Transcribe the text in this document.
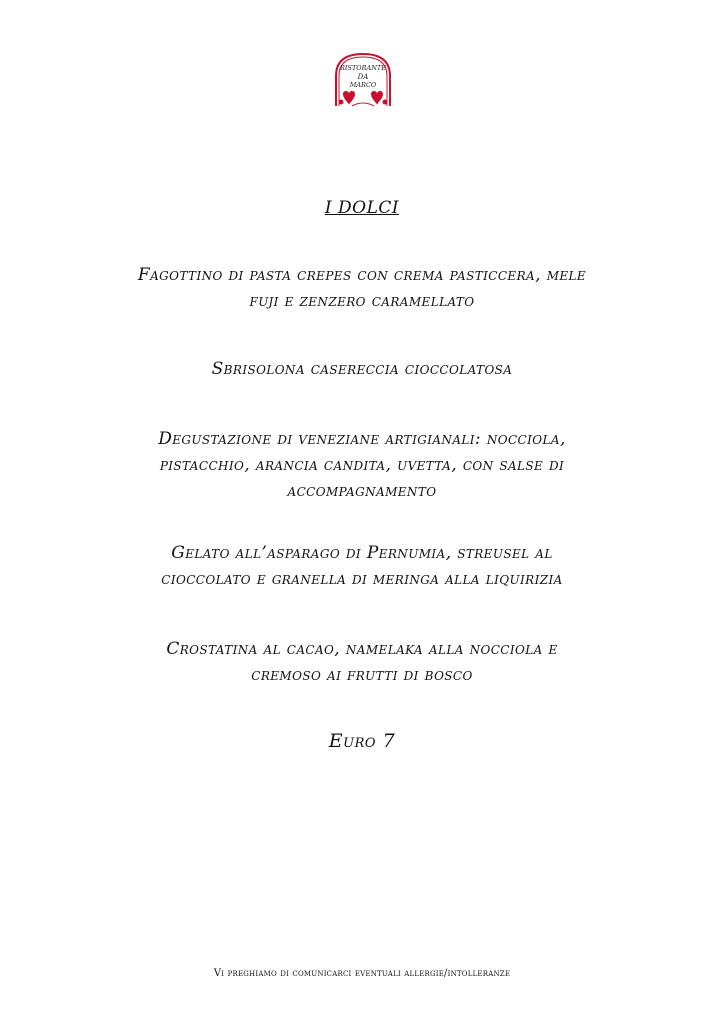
RISTORANTE
DA
MARCO
I DOLCI
Fagottino di pasta crepes con crema pasticcera, mele
fuji e zenzero caramellato
Sbrisolona casereccia cioccolatosa
Degustazione di veneziane artigianali: nocciola,
pistacchio, arancia candita, uvetta, con salse di
accompagnamento
Gelato all’asparago di Pernumia, streusel al
cioccolato e granella di meringa alla liquirizia
Crostatina al cacao, namelaka alla nocciola e
cremoso ai frutti di bosco
Euro 7
Vi preghiamo di comunicarci eventuali allergie/intolleranze
